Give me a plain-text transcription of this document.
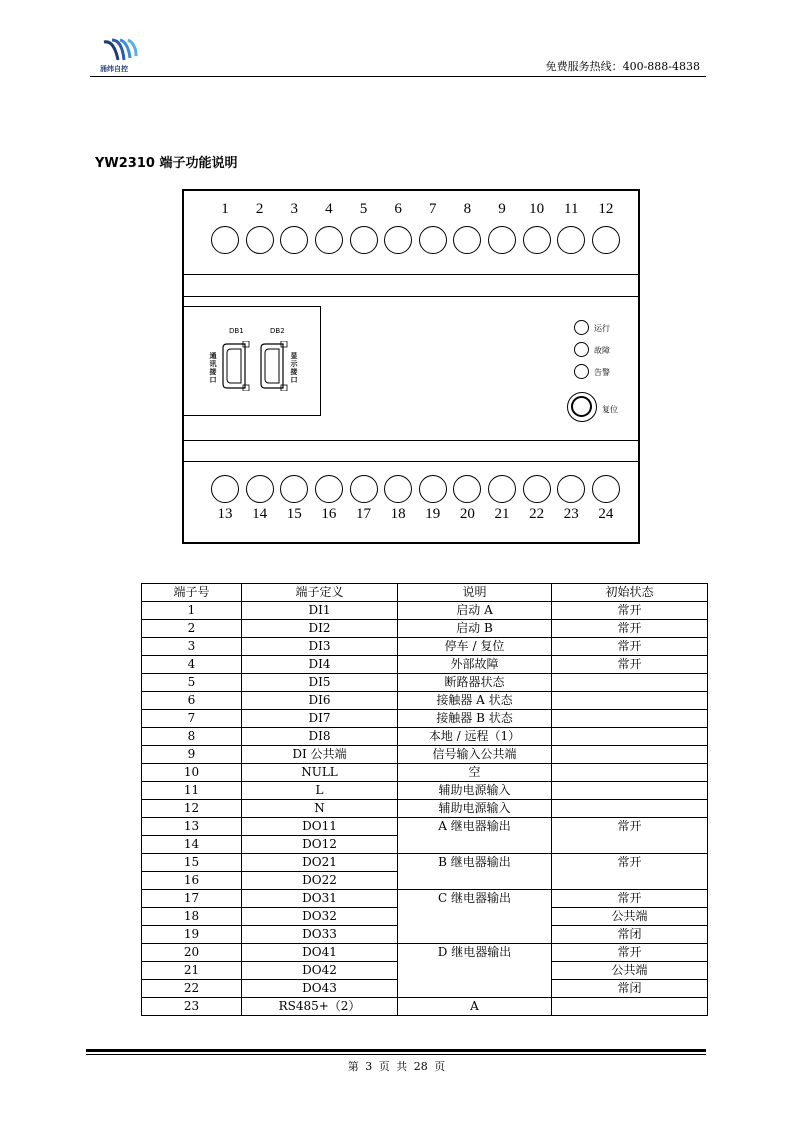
涌纬自控	免费服务热线：400-888-4838
YW2310 端子功能说明
1	2	3	4	5	6	7	8	9	10	11	12
DB1	DB2
通讯接口	显示接口
运行
故障
告警
复位
13	14	15	16	17	18	19	20	21	22	23	24
端子号	端子定义	说明	初始状态
1	DI1	启动 A	常开
2	DI2	启动 B	常开
3	DI3	停车 / 复位	常开
4	DI4	外部故障	常开
5	DI5	断路器状态	
6	DI6	接触器 A 状态	
7	DI7	接触器 B 状态	
8	DI8	本地 / 远程（1）	
9	DI 公共端	信号输入公共端	
10	NULL	空	
11	L	辅助电源输入	
12	N	辅助电源输入	
13	DO11	A 继电器输出	常开
14	DO12		
15	DO21	B 继电器输出	常开
16	DO22		
17	DO31	C 继电器输出	常开
18	DO32		公共端
19	DO33		常闭
20	DO41	D 继电器输出	常开
21	DO42		公共端
22	DO43		常闭
23	RS485+（2）	A	
第 3 页 共 28 页
